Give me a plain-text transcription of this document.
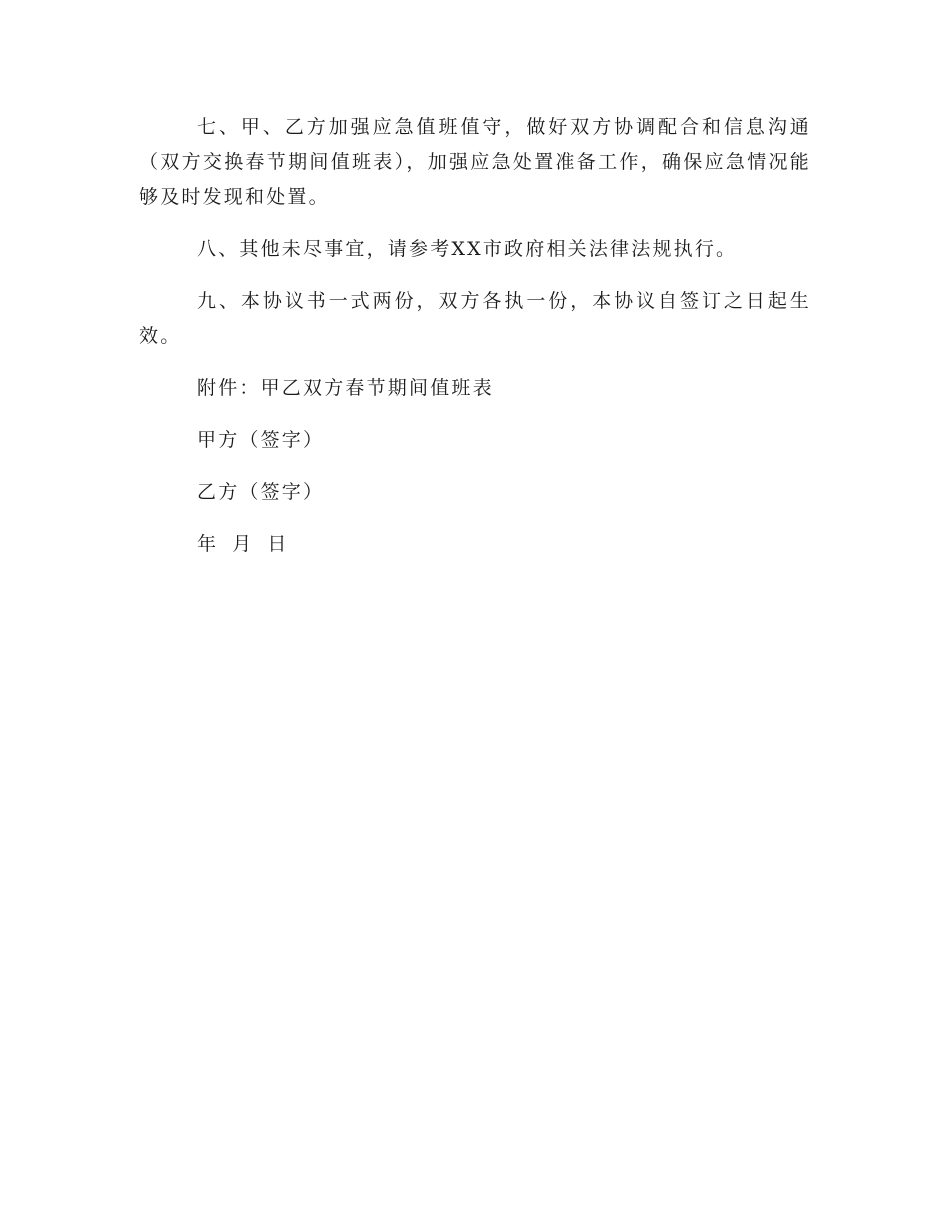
七、甲、乙方加强应急值班值守，做好双方协调配合和信息沟通（双方交换春节期间值班表），加强应急处置准备工作，确保应急情况能够及时发现和处置。

八、其他未尽事宜，请参考XX市政府相关法律法规执行。

九、本协议书一式两份，双方各执一份，本协议自签订之日起生效。

附件：甲乙双方春节期间值班表

甲方（签字）

乙方（签字）

年 月 日
